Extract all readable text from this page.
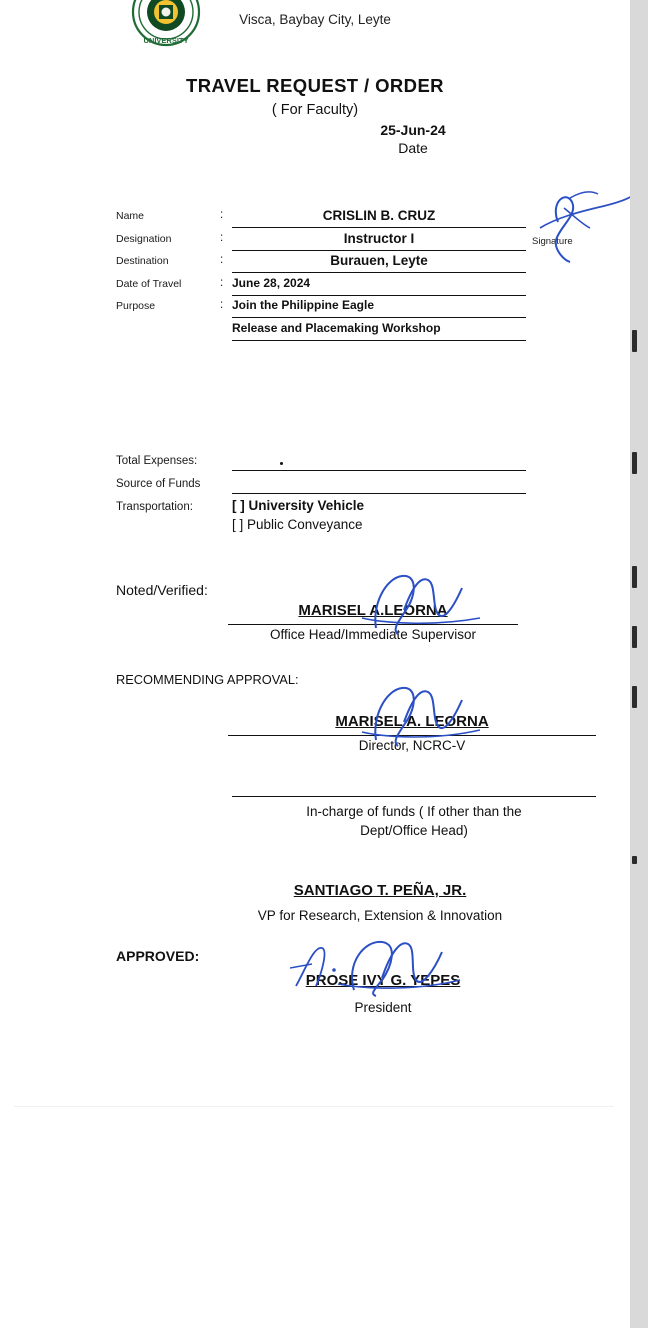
UNIVERSITY
Visca, Baybay City, Leyte
TRAVEL REQUEST / ORDER
( For Faculty)
25-Jun-24
Date
Name	:	CRISLIN B. CRUZ
Designation	:	Instructor I
Destination	:	Burauen, Leyte
Date of Travel	: June 28, 2024
Purpose	: Join the Philippine Eagle
Release and Placemaking Workshop
Signature
Total Expenses:
Source of Funds
Transportation:	[ ] University Vehicle
[ ] Public Conveyance
Noted/Verified:
MARISEL A.LEORNA
Office Head/Immediate Supervisor
RECOMMENDING APPROVAL:
MARISEL A. LEORNA
Director, NCRC-V
In-charge of funds ( If other than the
Dept/Office Head)
SANTIAGO T. PEÑA, JR.
VP for Research, Extension & Innovation
APPROVED:
PROSE IVY G. YEPES
President
